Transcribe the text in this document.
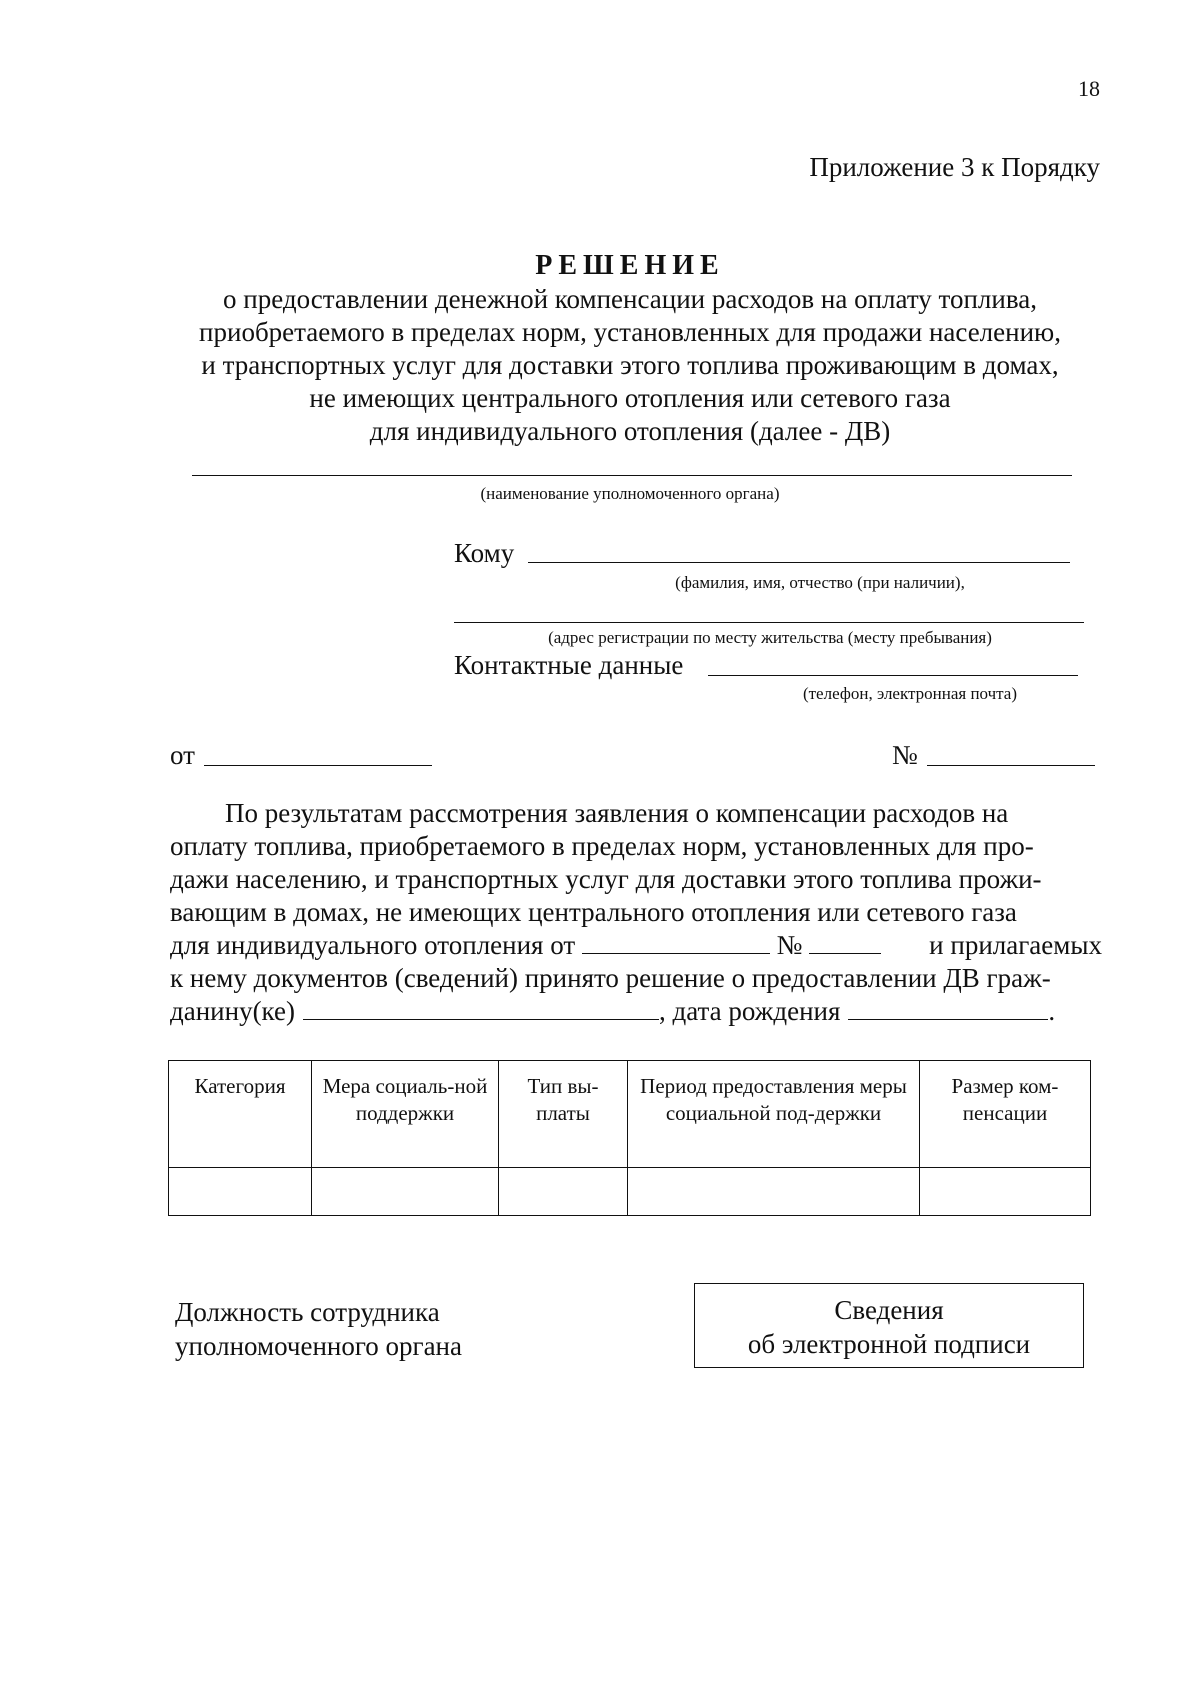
18
Приложение 3 к Порядку
РЕШЕНИЕ
о предоставлении денежной компенсации расходов на оплату топлива,
приобретаемого в пределах норм, установленных для продажи населению,
и транспортных услуг для доставки этого топлива проживающим в домах,
не имеющих центрального отопления или сетевого газа
для индивидуального отопления (далее - ДВ)
(наименование уполномоченного органа)
Кому
(фамилия, имя, отчество (при наличии),
(адрес регистрации по месту жительства (месту пребывания)
Контактные данные
(телефон, электронная почта)
от	№
По результатам рассмотрения заявления о компенсации расходов на
оплату топлива, приобретаемого в пределах норм, установленных для про-
дажи населению, и транспортных услуг для доставки этого топлива прожи-
вающим в домах, не имеющих центрального отопления или сетевого газа
для индивидуального отопления от	№	и прилагаемых
к нему документов (сведений) принято решение о предоставлении ДВ граж-
данину(ке)	, дата рождения	.
Категория	Мера социаль-ной поддержки	Тип вы-платы	Период предоставления меры социальной под-держки	Размер ком-пенсации

Должность сотрудника
уполномоченного органа
Сведения
об электронной подписи
